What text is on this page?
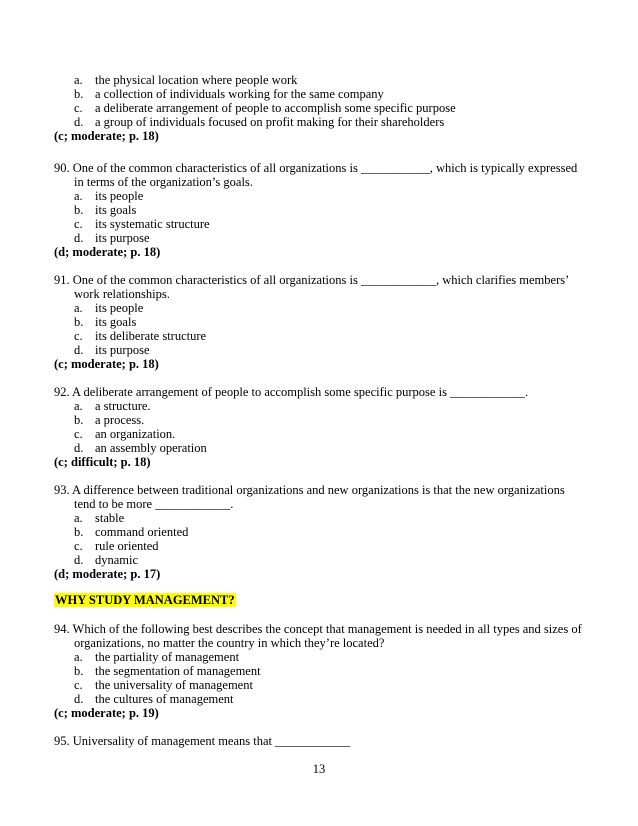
a. the physical location where people work
b. a collection of individuals working for the same company
c. a deliberate arrangement of people to accomplish some specific purpose
d. a group of individuals focused on profit making for their shareholders
(c; moderate; p. 18)
90. One of the common characteristics of all organizations is ___________, which is typically expressed
in terms of the organization’s goals.
a. its people
b. its goals
c. its systematic structure
d. its purpose
(d; moderate; p. 18)
91. One of the common characteristics of all organizations is ____________, which clarifies members’
work relationships.
a. its people
b. its goals
c. its deliberate structure
d. its purpose
(c; moderate; p. 18)
92. A deliberate arrangement of people to accomplish some specific purpose is ____________.
a. a structure.
b. a process.
c. an organization.
d. an assembly operation
(c; difficult; p. 18)
93. A difference between traditional organizations and new organizations is that the new organizations
tend to be more ____________.
a. stable
b. command oriented
c. rule oriented
d. dynamic
(d; moderate; p. 17)
WHY STUDY MANAGEMENT?
94. Which of the following best describes the concept that management is needed in all types and sizes of
organizations, no matter the country in which they’re located?
a. the partiality of management
b. the segmentation of management
c. the universality of management
d. the cultures of management
(c; moderate; p. 19)
95. Universality of management means that ____________
13
